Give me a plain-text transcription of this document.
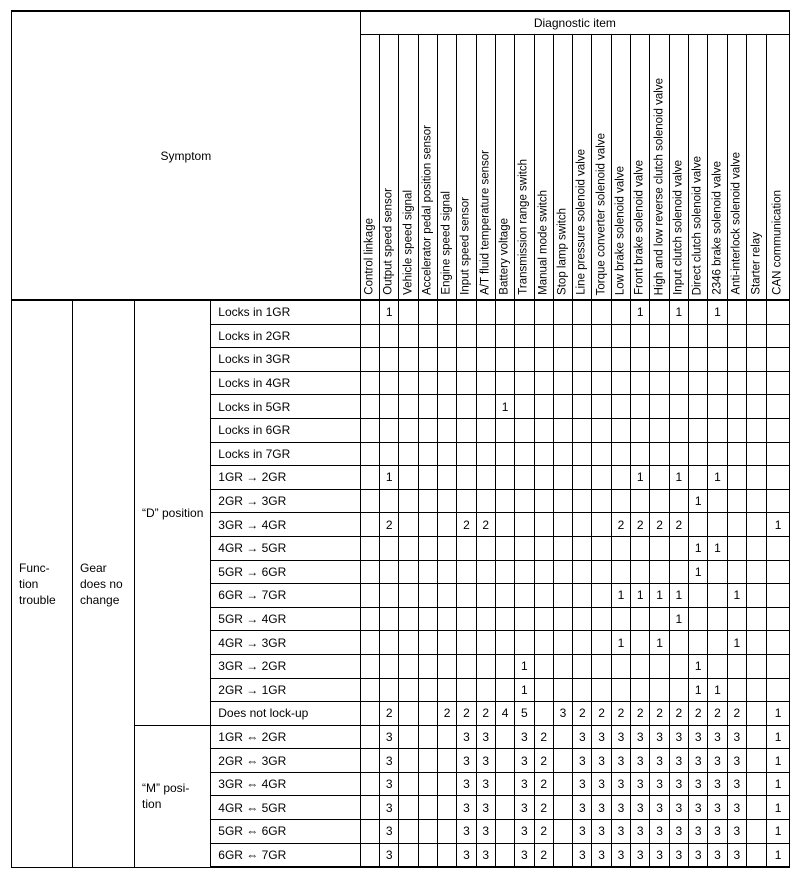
Symptom				Diagnostic item																					

				Control linkage	Output speed sensor	Vehicle speed signal	Accelerator pedal position sensor	Engine speed signal	Input speed sensor	A/T fluid temperature sensor	Battery voltage	Transmission range switch	Manual mode switch	Stop lamp switch	Line pressure solenoid valve	Torque converter solenoid valve	Low brake solenoid valve	Front brake solenoid valve	High and low reverse clutch solenoid valve	Input clutch solenoid valve	Direct clutch solenoid valve	2346 brake solenoid valve	Anti-interlock solenoid valve	Starter relay	CAN communication

Func-
tion
trouble	Gear
does no
change	“D” position	Locks in 1GR		1													1		1		1			
			Locks in 2GR																						
			Locks in 3GR																						
			Locks in 4GR																						
			Locks in 5GR								1														
			Locks in 6GR																						
			Locks in 7GR																						
			1GR → 2GR		1													1		1		1			
			2GR → 3GR																		1				
			3GR → 4GR		2				2	2							2	2	2	2					1
			4GR → 5GR																		1	1			
			5GR → 6GR																		1				
			6GR → 7GR														1	1	1	1			1		
			5GR → 4GR																	1					
			4GR → 3GR														1		1				1		
			3GR → 2GR									1									1				
			2GR → 1GR									1									1	1			
			Does not lock-up		2			2	2	2	4	5		3	2	2	2	2	2	2	2	2	2		1
		“M” posi-
tion	1GR ⇔ 2GR		3				3	3		3	2		3	3	3	3	3	3	3	3	3		1
			2GR ⇔ 3GR		3				3	3		3	2		3	3	3	3	3	3	3	3	3		1
			3GR ⇔ 4GR		3				3	3		3	2		3	3	3	3	3	3	3	3	3		1
			4GR ⇔ 5GR		3				3	3		3	2		3	3	3	3	3	3	3	3	3		1
			5GR ⇔ 6GR		3				3	3		3	2		3	3	3	3	3	3	3	3	3		1
			6GR ⇔ 7GR		3				3	3		3	2		3	3	3	3	3	3	3	3	3		1
